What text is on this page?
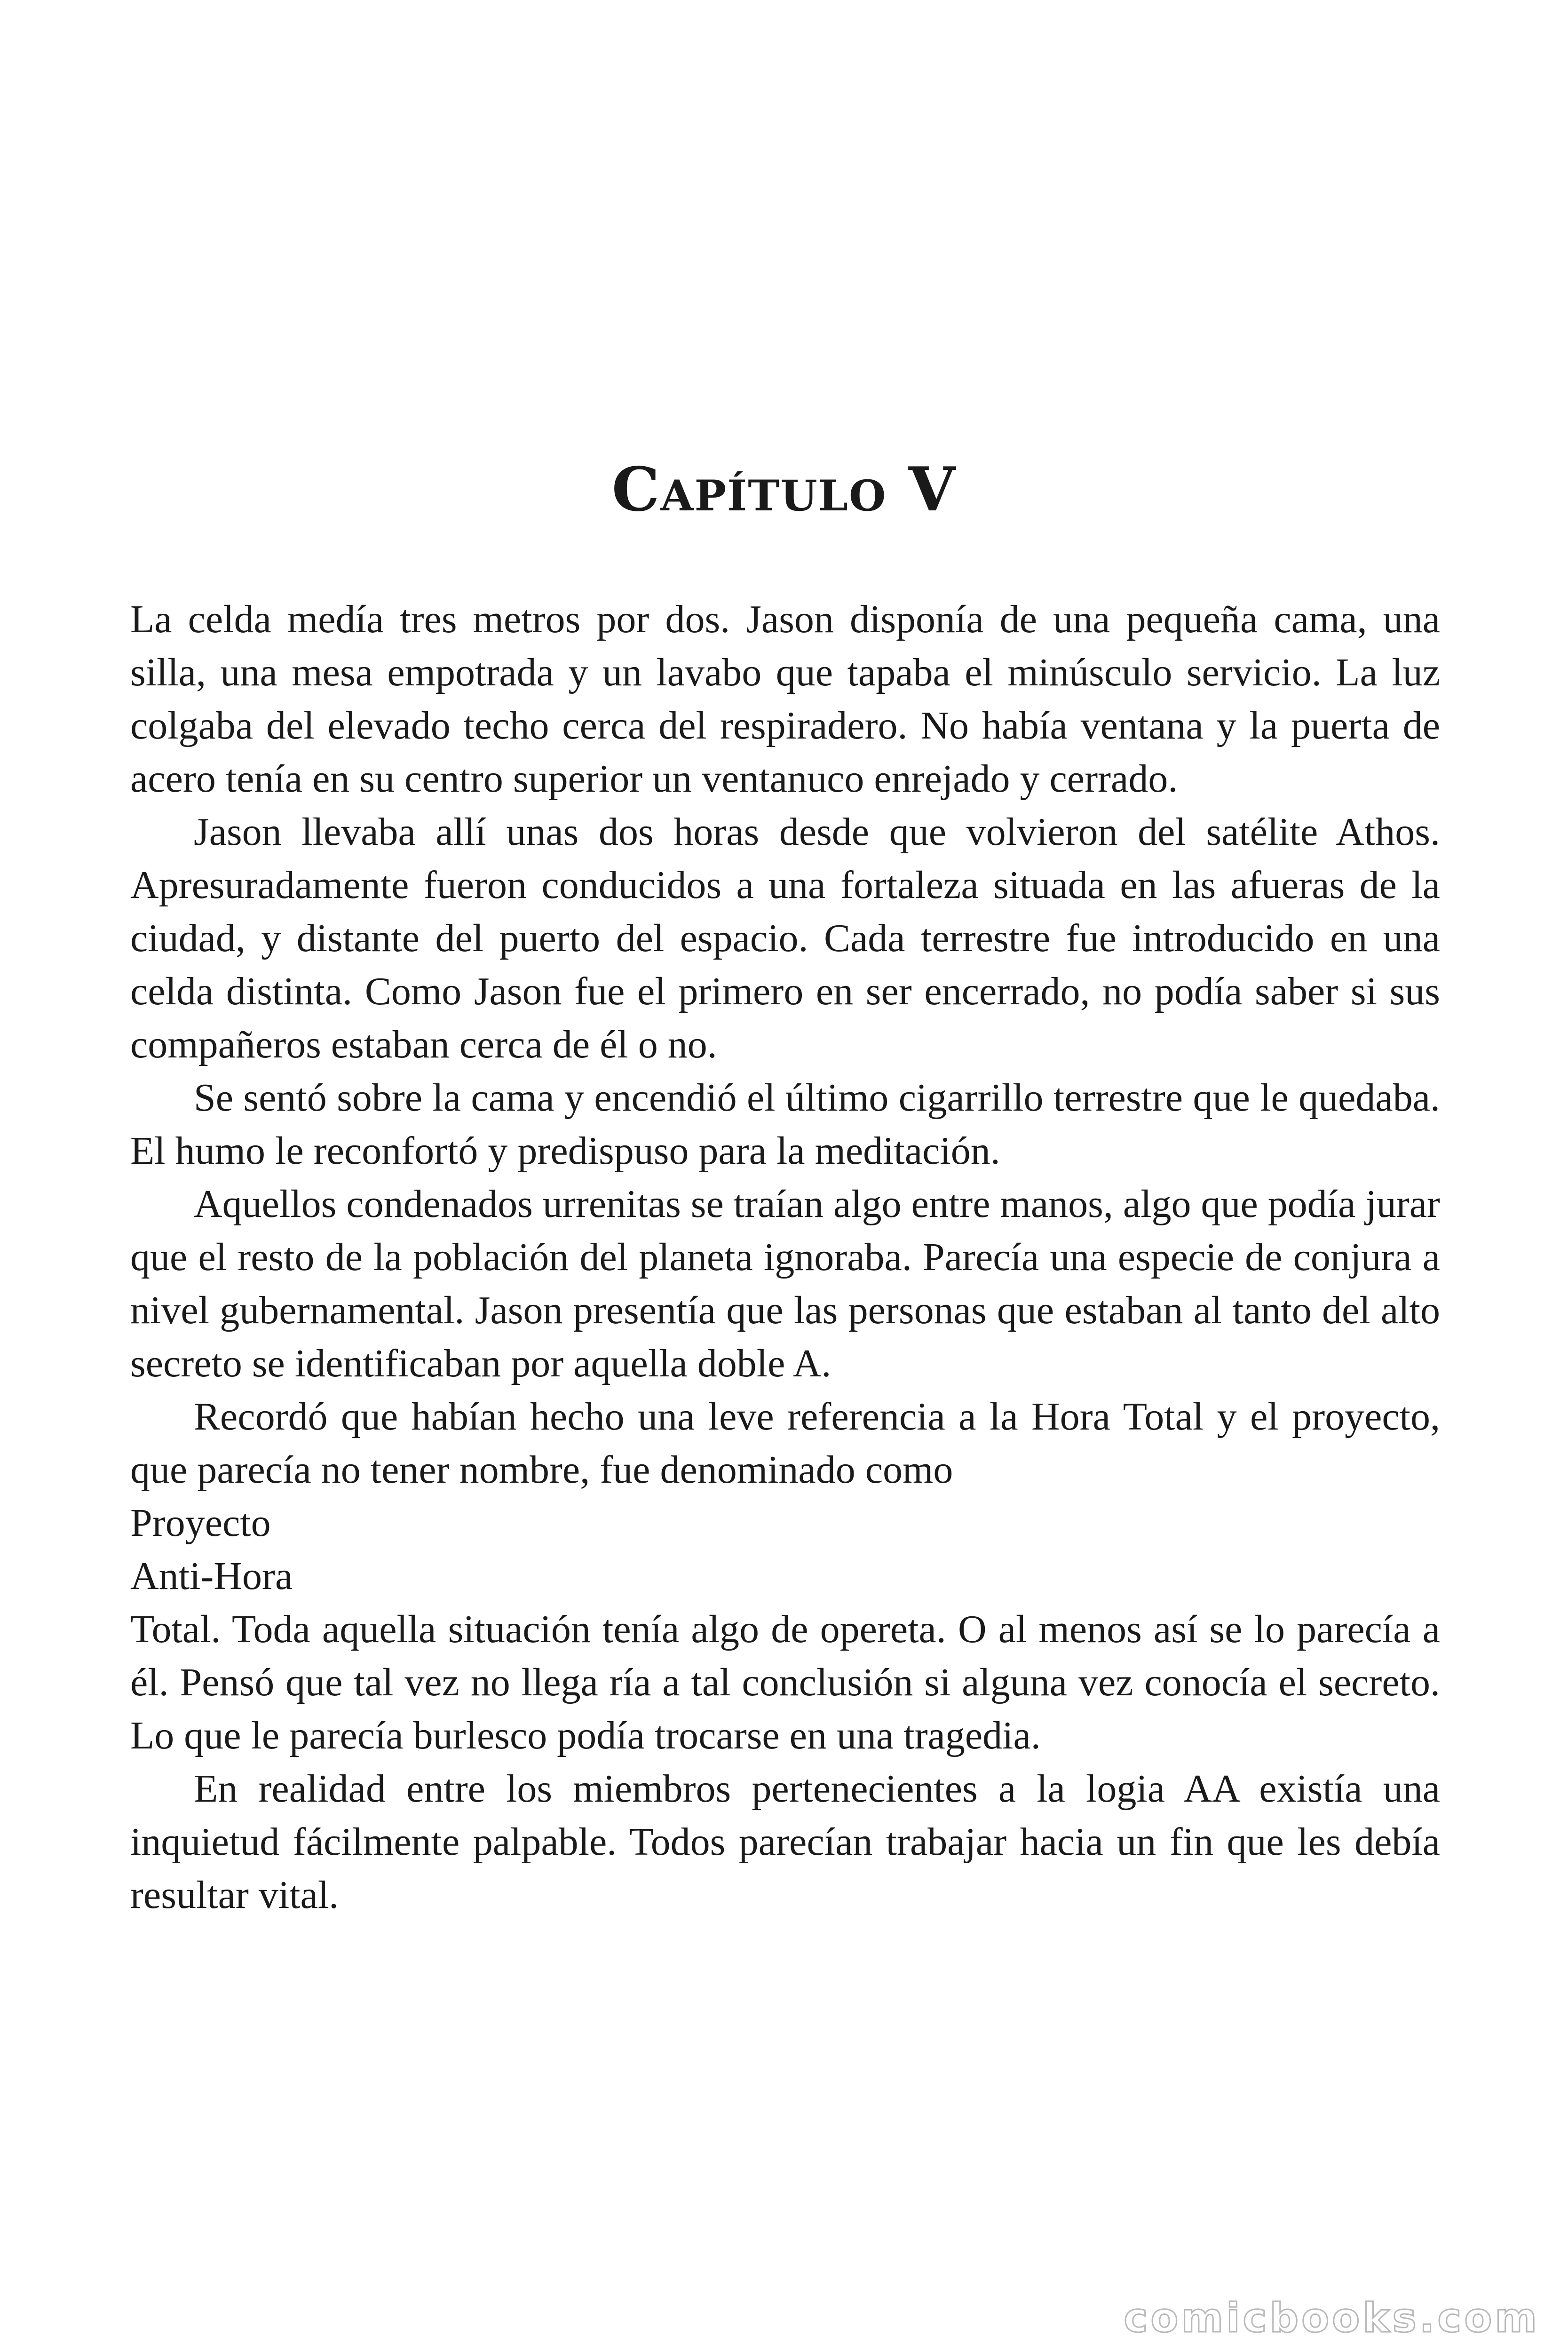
Capítulo V

La celda medía tres metros por dos. Jason disponía de una pequeña cama, una silla, una mesa empotrada y un lavabo que tapaba el minúsculo servicio. La luz colgaba del elevado techo cerca del respiradero. No había ventana y la puerta de acero tenía en su centro superior un ventanuco enrejado y cerrado.

Jason llevaba allí unas dos horas desde que volvieron del satélite Athos. Apresuradamente fueron conducidos a una fortaleza situada en las afueras de la ciudad, y distante del puerto del espacio. Cada terrestre fue introducido en una celda distinta. Como Jason fue el primero en ser encerrado, no podía saber si sus compañeros estaban cerca de él o no.

Se sentó sobre la cama y encendió el último cigarrillo terrestre que le quedaba. El humo le reconfortó y predispuso para la meditación.

Aquellos condenados urrenitas se traían algo entre manos, algo que podía jurar que el resto de la población del planeta ignoraba. Parecía una especie de conjura a nivel gubernamental. Jason presentía que las personas que estaban al tanto del alto secreto se identificaban por aquella doble A.

Recordó que habían hecho una leve referencia a la Hora Total y el proyecto, que parecía no tener nombre, fue denominado como

Proyecto

Anti-Hora

Total. Toda aquella situación tenía algo de opereta. O al menos así se lo parecía a él. Pensó que tal vez no llega ría a tal conclusión si alguna vez conocía el secreto. Lo que le parecía burlesco podía trocarse en una tragedia.

En realidad entre los miembros pertenecientes a la logia AA existía una inquietud fácilmente palpable. Todos parecían trabajar hacia un fin que les debía resultar vital.

comicbooks.com
